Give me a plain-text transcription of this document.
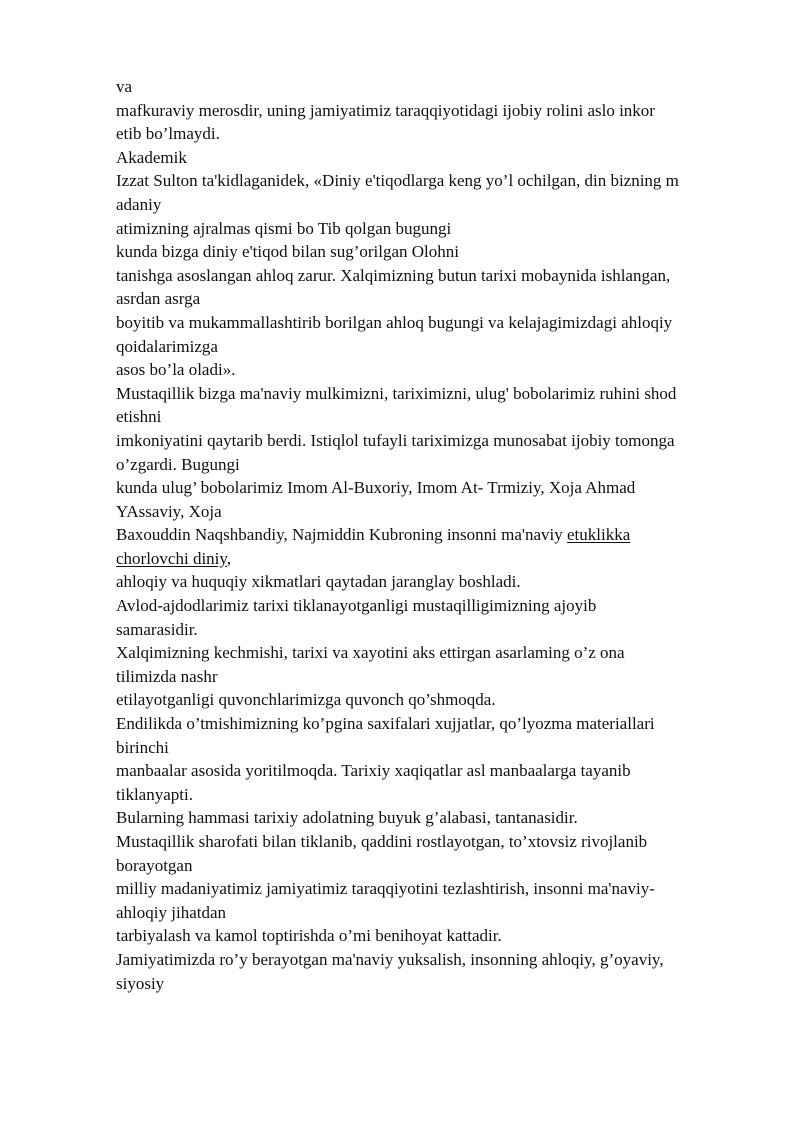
va
mafkuraviy merosdir, uning jamiyatimiz taraqqiyotidagi ijobiy rolini aslo inkor
etib bo’lmaydi.
Akademik
Izzat Sulton ta'kidlaganidek, «Diniy e'tiqodlarga keng yo’l ochilgan, din bizning m
adaniy
atimizning ajralmas qismi bo Tib qolgan bugungi
kunda bizga diniy e'tiqod bilan sug’orilgan Olohni
tanishga asoslangan ahloq zarur. Xalqimizning butun tarixi mobaynida ishlangan,
asrdan asrga
boyitib va mukammallashtirib borilgan ahloq bugungi va kelajagimizdagi ahloqiy
qoidalarimizga
asos bo’la oladi».
Mustaqillik bizga ma'naviy mulkimizni, tariximizni, ulug' bobolarimiz ruhini shod
etishni
imkoniyatini qaytarib berdi. Istiqlol tufayli tariximizga munosabat ijobiy tomonga
o’zgardi. Bugungi
kunda ulug’ bobolarimiz Imom Al-Buxoriy, Imom At- Trmiziy, Xoja Ahmad
YAssaviy, Xoja
Baxouddin Naqshbandiy, Najmiddin Kubroning insonni ma'naviy etuklikka
chorlovchi diniy,
ahloqiy va huquqiy xikmatlari qaytadan jaranglay boshladi.
Avlod-ajdodlarimiz tarixi tiklanayotganligi mustaqilligimizning ajoyib
samarasidir.
Xalqimizning kechmishi, tarixi va xayotini aks ettirgan asarlaming o’z ona
tilimizda nashr
etilayotganligi quvonchlarimizga quvonch qo’shmoqda.
Endilikda o’tmishimizning ko’pgina saxifalari xujjatlar, qo’lyozma materiallari
birinchi
manbaalar asosida yoritilmoqda. Tarixiy xaqiqatlar asl manbaalarga tayanib
tiklanyapti.
Bularning hammasi tarixiy adolatning buyuk g’alabasi, tantanasidir.
Mustaqillik sharofati bilan tiklanib, qaddini rostlayotgan, to’xtovsiz rivojlanib
borayotgan
milliy madaniyatimiz jamiyatimiz taraqqiyotini tezlashtirish, insonni ma'naviy-
ahloqiy jihatdan
tarbiyalash va kamol toptirishda o’mi benihoyat kattadir.
Jamiyatimizda ro’y berayotgan ma'naviy yuksalish, insonning ahloqiy, g’oyaviy,
siyosiy
